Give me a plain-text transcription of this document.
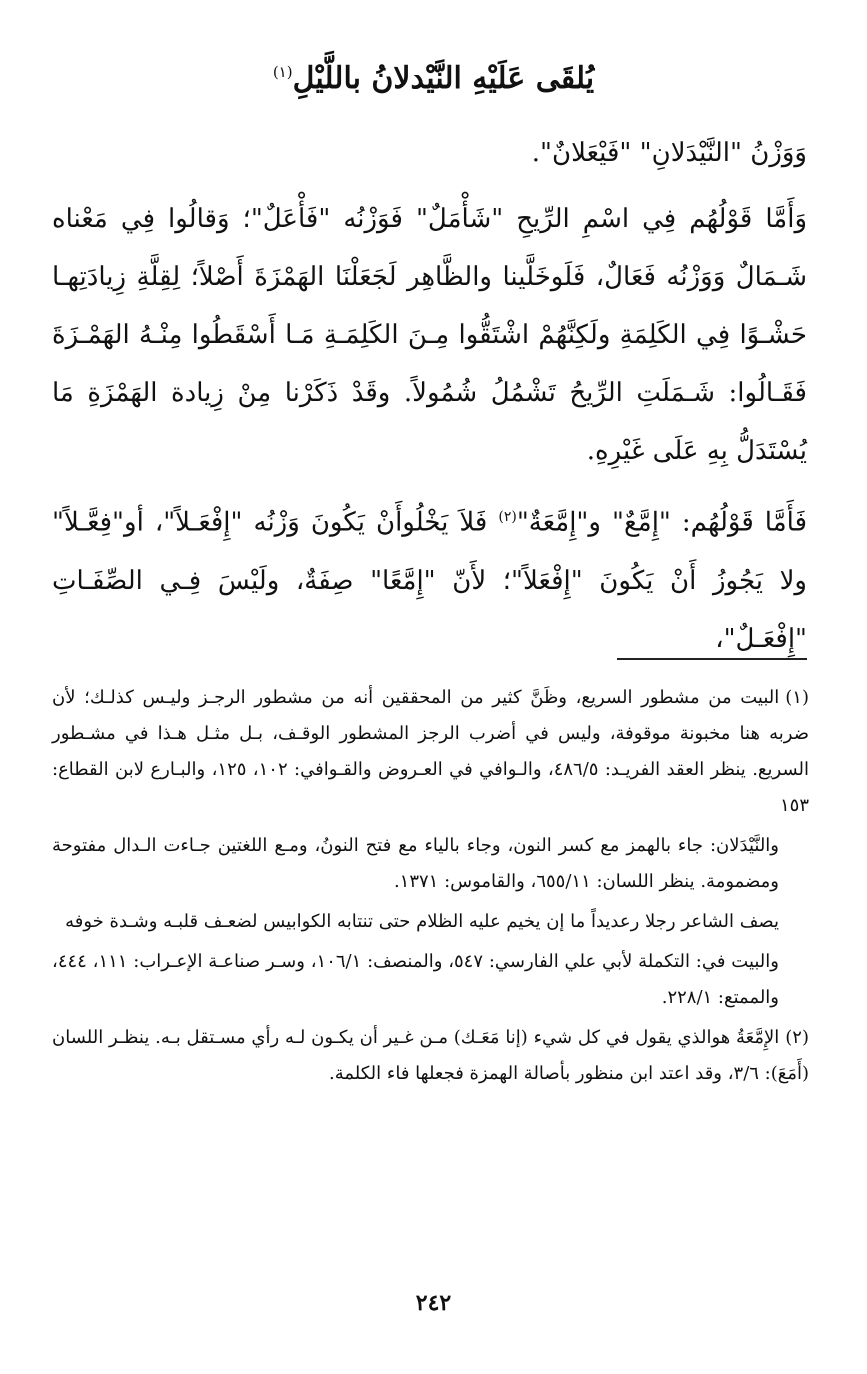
يُلقَى عَلَيْهِ النَّيْدلانُ باللَّيْلِ$^{(١)}$

وَوَزْنُ "النَّيْدَلانِ" "فَيْعَلانٌ".

وَأَمَّا قَوْلُهُم فِي اسْمِ الرِّيحِ "شَأْمَلٌ" فَوَزْنُه "فَأْعَلٌ"؛ وَقالُوا فِي مَعْناه شَـمَالٌ وَوَزْنُه فَعَالٌ، فَلَوخَلَّينا والظَّاهِر لَجَعَلْنَا الهَمْزَةَ أَصْلاً؛ لِقِلَّةِ زِيادَتِهـا حَشْـوًا فِي الكَلِمَةِ ولَكِنَّهُمْ اشْتَقُّوا مِـنَ الكَلِمَـةِ مَـا أَسْقَطُوا مِنْـهُ الهَمْـزَةَ فَقَـالُوا: شَـمَلَتِ الرِّيحُ تَشْمُلُ شُمُولاً. وقَدْ ذَكَرْنا مِنْ زِيادة الهَمْزَةِ مَا يُسْتَدَلُّ بِهِ عَلَى غَيْرِهِ.

فَأَمَّا قَوْلُهُم: "إِمَّعٌ" و"إِمَّعَةٌ"$^{(٢)}$ فَلاَ يَخْلُوأَنْ يَكُونَ وَزْنُه "إِفْعَـلاً"، أو"فِعَّـلاً" ولا يَجُوزُ أَنْ يَكُونَ "إِفْعَلاً"؛ لأَنّ "إِمَّعًا" صِفَةٌ، ولَيْسَ فِـي الصِّفَـاتِ "إِفْعَـلٌ"،

(١)البيت من مشطور السريع، وظَنَّ كثير من المحققين أنه من مشطور الرجـز وليـس كذلـك؛ لأن ضربه هنا مخبونة موقوفة، وليس في أضرب الرجز المشطور الوقـف، بـل مثـل هـذا في مشـطور السريع. ينظر العقد الفريـد: ٤٨٦/٥، والـوافي في العـروض والقـوافي: ١٠٢، ١٢٥، والبـارع لابن القطاع: ١٥٣

والنَّيْدَلان: جاء بالهمز مع كسر النون، وجاء بالياء مع فتح النونُ، ومـع اللغتين جـاءت الـدال مفتوحة ومضمومة. ينظر اللسان: ٦٥٥/١١، والقاموس: ١٣٧١.

يصف الشاعر رجلا رعديداً ما إن يخيم عليه الظلام حتى تنتابه الكوابيس لضعـف قلبـه وشـدة خوفه

والبيت في: التكملة لأبي علي الفارسي: ٥٤٧، والمنصف: ١٠٦/١، وسـر صناعـة الإعـراب: ١١١، ٤٤٤، والممتع: ٢٢٨/١.

(٢)الإِمَّعَةُ هوالذي يقول في كل شيء (إنا مَعَـك) مـن غـير أن يكـون لـه رأي مسـتقل بـه. ينظـر اللسان (أَمَعَ): ٣/٦، وقد اعتد ابن منظور بأصالة الهمزة فجعلها فاء الكلمة.

٢٤٢
